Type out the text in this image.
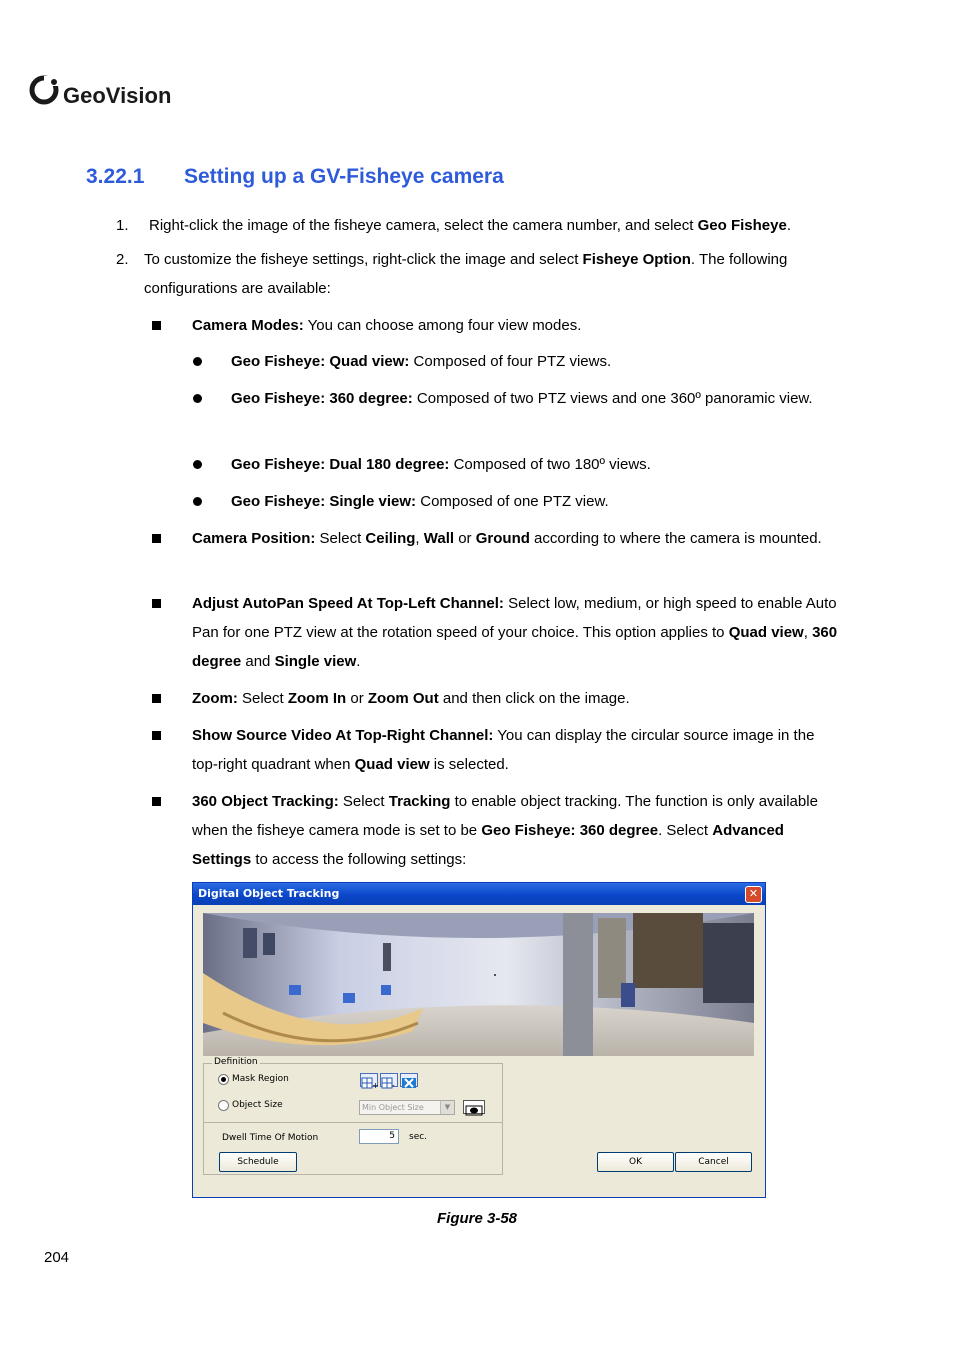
GeoVision
3.22.1 Setting up a GV-Fisheye camera
1. Right-click the image of the fisheye camera, select the camera number, and select Geo Fisheye.
2. To customize the fisheye settings, right-click the image and select Fisheye Option. The following configurations are available:
Camera Modes: You can choose among four view modes.
Geo Fisheye: Quad view: Composed of four PTZ views.
Geo Fisheye: 360 degree: Composed of two PTZ views and one 360º panoramic view.
Geo Fisheye: Dual 180 degree: Composed of two 180º views.
Geo Fisheye: Single view: Composed of one PTZ view.
Camera Position: Select Ceiling, Wall or Ground according to where the camera is mounted.
Adjust AutoPan Speed At Top-Left Channel: Select low, medium, or high speed to enable Auto Pan for one PTZ view at the rotation speed of your choice. This option applies to Quad view, 360 degree and Single view.
Zoom: Select Zoom In or Zoom Out and then click on the image.
Show Source Video At Top-Right Channel: You can display the circular source image in the top-right quadrant when Quad view is selected.
360 Object Tracking: Select Tracking to enable object tracking. The function is only available when the fisheye camera mode is set to be Geo Fisheye: 360 degree. Select Advanced Settings to access the following settings:
Digital Object Tracking	✕
Definition
Mask Region
+ -
Object Size	Min Object Size	▼
Dwell Time Of Motion	5	sec.
Schedule	OK	Cancel
Figure 3-58
204
